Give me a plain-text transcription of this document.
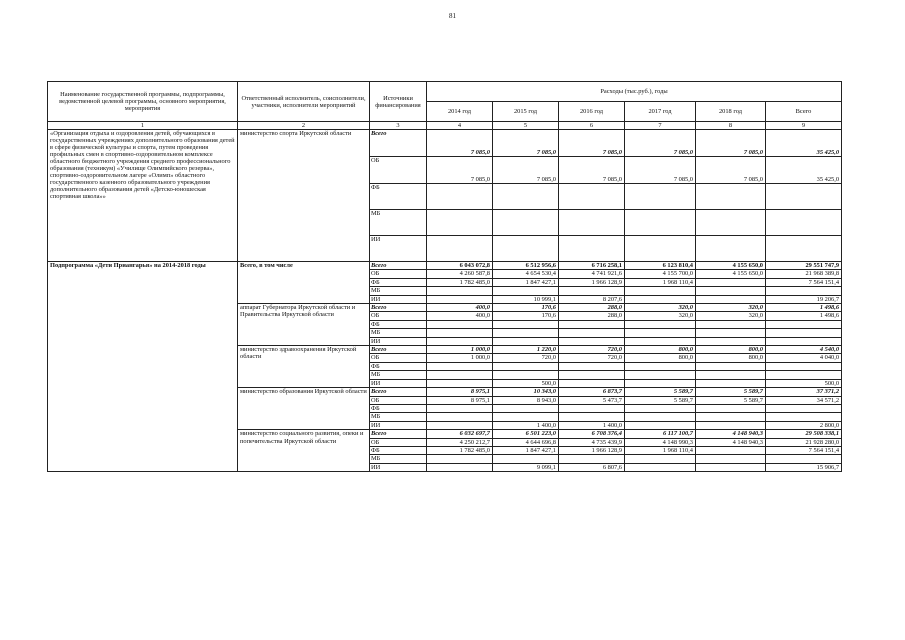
81
Наименование государственной программы, подпрограммы, ведомственной целевой программы, основного мероприятия, мероприятия	Ответственный исполнитель, соисполнители, участники, исполнители мероприятий	Источники финансирования	Расходы (тыс.руб.), годы					
			2014 год	2015 год	2016 год	2017 год	2018 год	Всего
1	2	3	4	5	6	7	8	9
«Организация отдыха и оздоровления детей, обучающихся в государственных учреждениях дополнительного образования детей в сфере физической культуры и спорта, путем проведения профильных смен в спортивно-оздоровительном комплексе областного бюджетного учреждения среднего профессионального образования (техникум) «Училище Олимпийского резерва», спортивно-оздоровительном лагере «Олимп» областного государственного казенного образовательного учреждения дополнительного образования детей «Детско-юношеская спортивная школа»»	министерство спорта Иркутской области	Всего	7 085,0	7 085,0	7 085,0	7 085,0	7 085,0	35 425,0
		ОБ	7 085,0	7 085,0	7 085,0	7 085,0	7 085,0	35 425,0
		ФБ						
		МБ						
		ИИ						
Подпрограмма «Дети Приангарья» на 2014-2018 годы	Всего, в том числе	Всего	6 043 072,8	6 512 956,6	6 716 258,1	6 123 810,4	4 155 650,0	29 551 747,9
		ОБ	4 260 587,8	4 654 530,4	4 741 921,6	4 155 700,0	4 155 650,0	21 968 389,8
		ФБ	1 782 485,0	1 847 427,1	1 966 128,9	1 968 110,4		7 564 151,4
		МБ						
		ИИ		10 999,1	8 207,6			19 206,7
	аппарат Губернатора Иркутской области и Правительства Иркутской области	Всего	400,0	170,6	288,0	320,0	320,0	1 498,6
		ОБ	400,0	170,6	288,0	320,0	320,0	1 498,6
		ФБ						
		МБ						
		ИИ						
	министерство здравоохранения Иркутской области	Всего	1 000,0	1 220,0	720,0	800,0	800,0	4 540,0
		ОБ	1 000,0	720,0	720,0	800,0	800,0	4 040,0
		ФБ						
		МБ						
		ИИ		500,0				500,0
	министерство образования Иркутской области	Всего	8 975,1	10 343,0	6 873,7	5 589,7	5 589,7	37 371,2
		ОБ	8 975,1	8 943,0	5 473,7	5 589,7	5 589,7	34 571,2
		ФБ						
		МБ						
		ИИ		1 400,0	1 400,0			2 800,0
	министерство социального развития, опеки и попечительства Иркутской области	Всего	6 032 697,7	6 501 223,0	6 708 376,4	6 117 100,7	4 148 940,3	29 508 338,1
		ОБ	4 250 212,7	4 644 696,8	4 735 439,9	4 148 990,3	4 148 940,3	21 928 280,0
		ФБ	1 782 485,0	1 847 427,1	1 966 128,9	1 968 110,4		7 564 151,4
		МБ						
		ИИ		9 099,1	6 807,6			15 906,7
